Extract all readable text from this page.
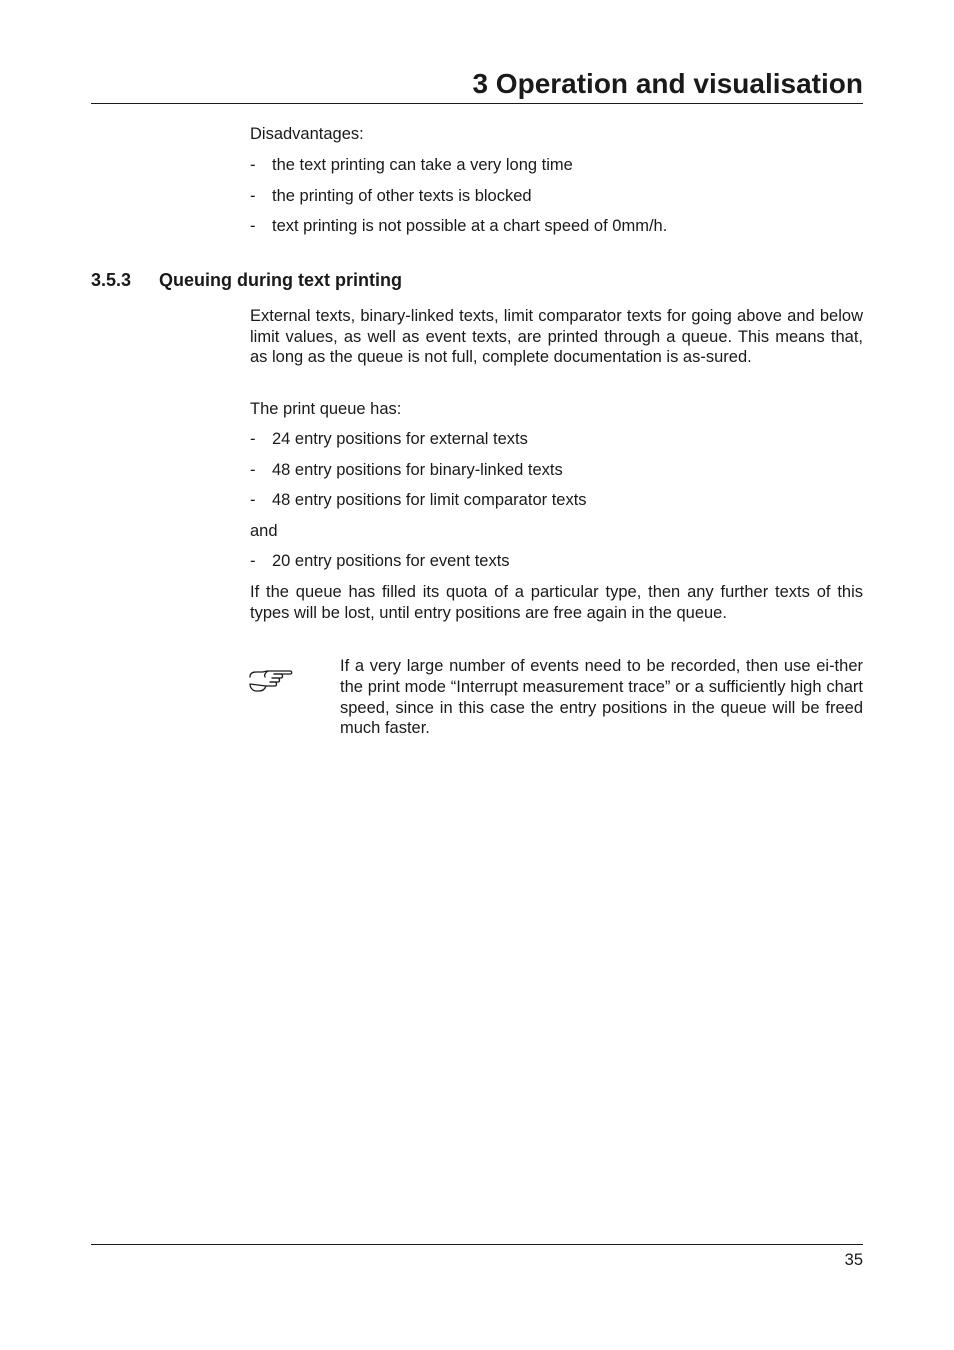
3 Operation and visualisation
Disadvantages:
- the text printing can take a very long time
- the printing of other texts is blocked
- text printing is not possible at a chart speed of 0mm/h.
3.5.3 Queuing during text printing
External texts, binary-linked texts, limit comparator texts for going above and below limit values, as well as event texts, are printed through a queue. This means that, as long as the queue is not full, complete documentation is as-sured.
The print queue has:
- 24 entry positions for external texts
- 48 entry positions for binary-linked texts
- 48 entry positions for limit comparator texts
and
- 20 entry positions for event texts
If the queue has filled its quota of a particular type, then any further texts of this types will be lost, until entry positions are free again in the queue.
If a very large number of events need to be recorded, then use ei-ther the print mode “Interrupt measurement trace” or a sufficiently high chart speed, since in this case the entry positions in the queue will be freed much faster.
35
